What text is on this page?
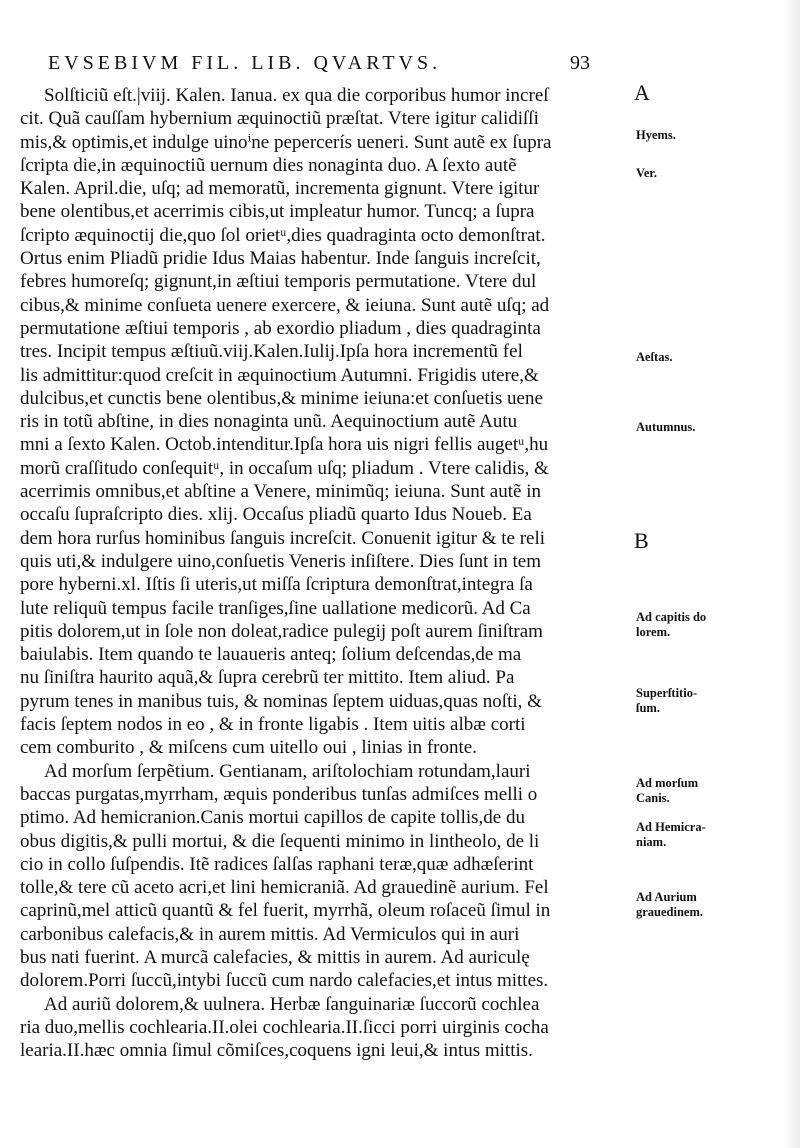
EVSEBIVM FIL. LIB. QVARTVS.	93
Solſticiũ eſt.|viij. Kalen. Ianua. ex qua die corporibus humor increſ
cit. Quã cauſſam hybernium æquinoctiũ præſtat. Vtere igitur calidiſſi
mis,& optimis,et indulge uinoⁱne pepercerís ueneri. Sunt autẽ ex ſupra
ſcripta die,in æquinoctiũ uernum dies nonaginta duo. A ſexto autẽ
Kalen. April.die, uſq; ad memoratũ, incrementa gignunt. Vtere igitur
bene olentibus,et acerrimis cibis,ut impleatur humor. Tuncq; a ſupra
ſcripto æquinoctij die,quo ſol orietᵘ,dies quadraginta octo demonſtrat.
Ortus enim Pliadũ pridie Idus Maias habentur. Inde ſanguis increſcit,
febres humoreſq; gignunt,in æſtiui temporis permutatione. Vtere dul
cibus,& minime conſueta uenere exercere, & ieiuna. Sunt autẽ uſq; ad
permutatione æſtiui temporis , ab exordio pliadum , dies quadraginta
tres. Incipit tempus æſtiuũ.viij.Kalen.Iulij.Ipſa hora incrementũ fel
lis admittitur:quod creſcit in æquinoctium Autumni. Frigidis utere,&
dulcibus,et cunctis bene olentibus,& minime ieiuna:et conſuetis uene
ris in totũ abſtine, in dies nonaginta unũ. Aequinoctium autẽ Autu
mni a ſexto Kalen. Octob.intenditur.Ipſa hora uis nigri fellis augetᵘ,hu
morũ craſſitudo conſequitᵘ, in occaſum uſq; pliadum . Vtere calidis, &
acerrimis omnibus,et abſtine a Venere, minimũq; ieiuna. Sunt autẽ in
occaſu ſupraſcripto dies. xlij. Occaſus pliadũ quarto Idus Noueb. Ea
dem hora rurſus hominibus ſanguis increſcit. Conuenit igitur & te reli
quis uti,& indulgere uino,conſuetis Veneris inſiſtere. Dies ſunt in tem
pore hyberni.xl. Iſtis ſi uteris,ut miſſa ſcriptura demonſtrat,integra ſa
lute reliquũ tempus facile tranſiges,ſine uallatione medicorũ. Ad Ca
pitis dolorem,ut in ſole non doleat,radice pulegij poſt aurem ſiniſtram
baiulabis. Item quando te lauaueris anteq; ſolium deſcendas,de ma
nu ſiniſtra haurito aquã,& ſupra cerebrũ ter mittito. Item aliud. Pa
pyrum tenes in manibus tuis, & nominas ſeptem uiduas,quas noſti, &
facis ſeptem nodos in eo , & in fronte ligabis . Item uitis albæ corti
cem comburito , & miſcens cum uitello oui , linias in fronte.
Ad morſum ſerpẽtium. Gentianam, ariſtolochiam rotundam,lauri
baccas purgatas,myrrham, æquis ponderibus tunſas admiſces melli o
ptimo. Ad hemicranion.Canis mortui capillos de capite tollis,de du
obus digitis,& pulli mortui, & die ſequenti minimo in lintheolo, de li
cio in collo ſuſpendis. Itẽ radices ſalſas raphani teræ,quæ adhæſerint
tolle,& tere cũ aceto acri,et lini hemicraniã. Ad grauedinẽ aurium. Fel
caprinũ,mel atticũ quantũ & fel fuerit, myrrhã, oleum roſaceũ ſimul in
carbonibus calefacis,& in aurem mittis. Ad Vermiculos qui in auri
bus nati fuerint. A murcã calefacies, & mittis in aurem. Ad auriculę
dolorem.Porri ſuccũ,intybi ſuccũ cum nardo calefacies,et intus mittes.
Ad auriũ dolorem,& uulnera. Herbæ ſanguinariæ ſuccorũ cochlea
ria duo,mellis cochlearia.II.olei cochlearia.II.ſicci porri uirginis cocha
learia.II.hæc omnia ſimul cõmiſces,coquens igni leui,& intus mittis.
A
Hyems.
Ver.
Aeſtas.
Autumnus.
B
Ad capitis do
lorem.
Superſtitio-
ſum.
Ad morſum
Canis.
Ad Hemicra-
niam.
Ad Aurium
grauedinem.
